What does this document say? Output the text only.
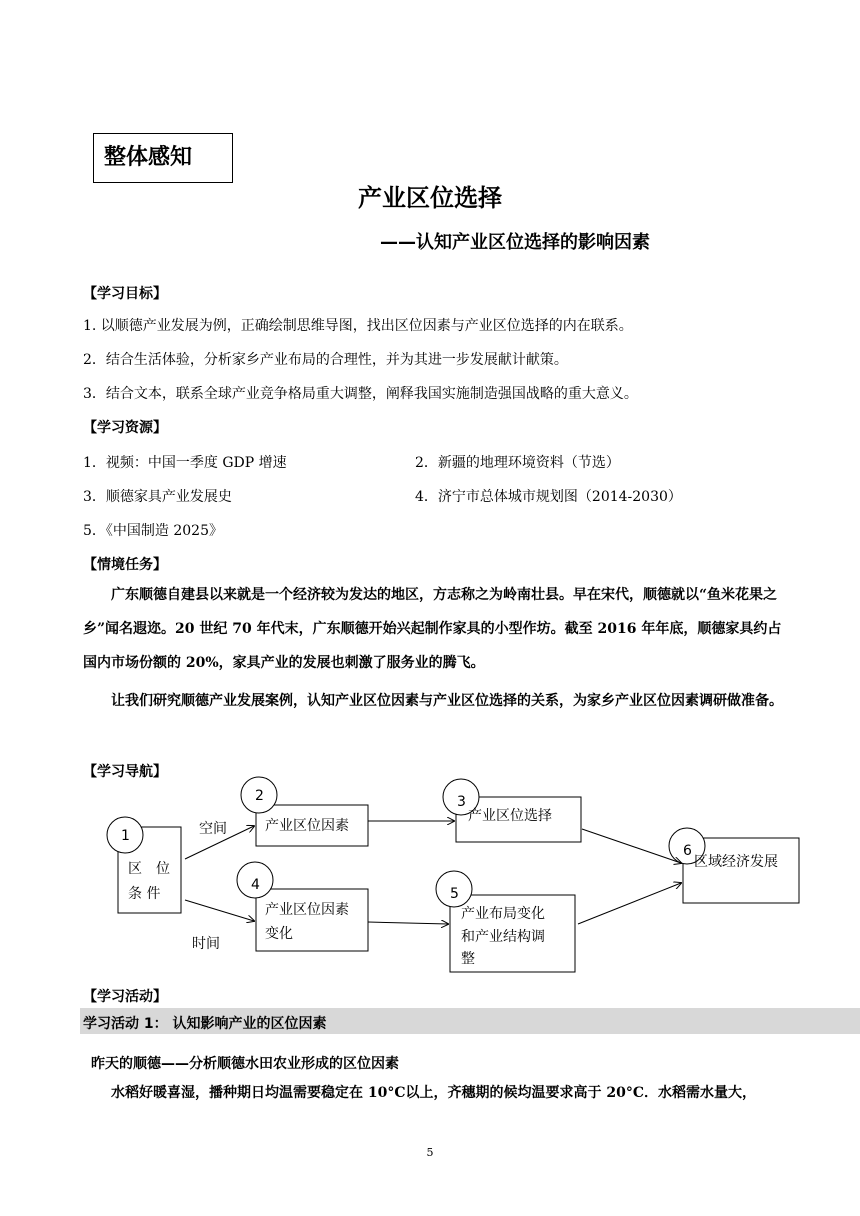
整体感知
产业区位选择
——认知产业区位选择的影响因素
【学习目标】
1. 以顺德产业发展为例，正确绘制思维导图，找出区位因素与产业区位选择的内在联系。
2．结合生活体验，分析家乡产业布局的合理性，并为其进一步发展献计献策。
3．结合文本，联系全球产业竞争格局重大调整，阐释我国实施制造强国战略的重大意义。
【学习资源】
1．视频：中国一季度 GDP 增速	2．新疆的地理环境资料（节选）
3．顺德家具产业发展史	4．济宁市总体城市规划图（2014-2030）
5．《中国制造 2025》
【情境任务】

广东顺德自建县以来就是一个经济较为发达的地区，方志称之为岭南壮县。早在宋代，顺德就以“鱼米花果之乡”闻名遐迩。20 世纪 70 年代末，广东顺德开始兴起制作家具的小型作坊。截至 2016 年年底，顺德家具约占国内市场份额的 20%，家具产业的发展也刺激了服务业的腾飞。

让我们研究顺德产业发展案例，认知产业区位因素与产业区位选择的关系，为家乡产业区位因素调研做准备。

【学习导航】
1
区　位
条 件
2
产业区位因素
3
产业区位选择
4
产业区位因素
变化
5
产业布局变化
和产业结构调
整
6
区域经济发展
空间
时间
【学习活动】
学习活动 1： 认知影响产业的区位因素
昨天的顺德——分析顺德水田农业形成的区位因素

水稻好暖喜湿，播种期日均温需要稳定在 10°C以上，齐穗期的候均温要求高于 20°C．水稻需水量大，

5
